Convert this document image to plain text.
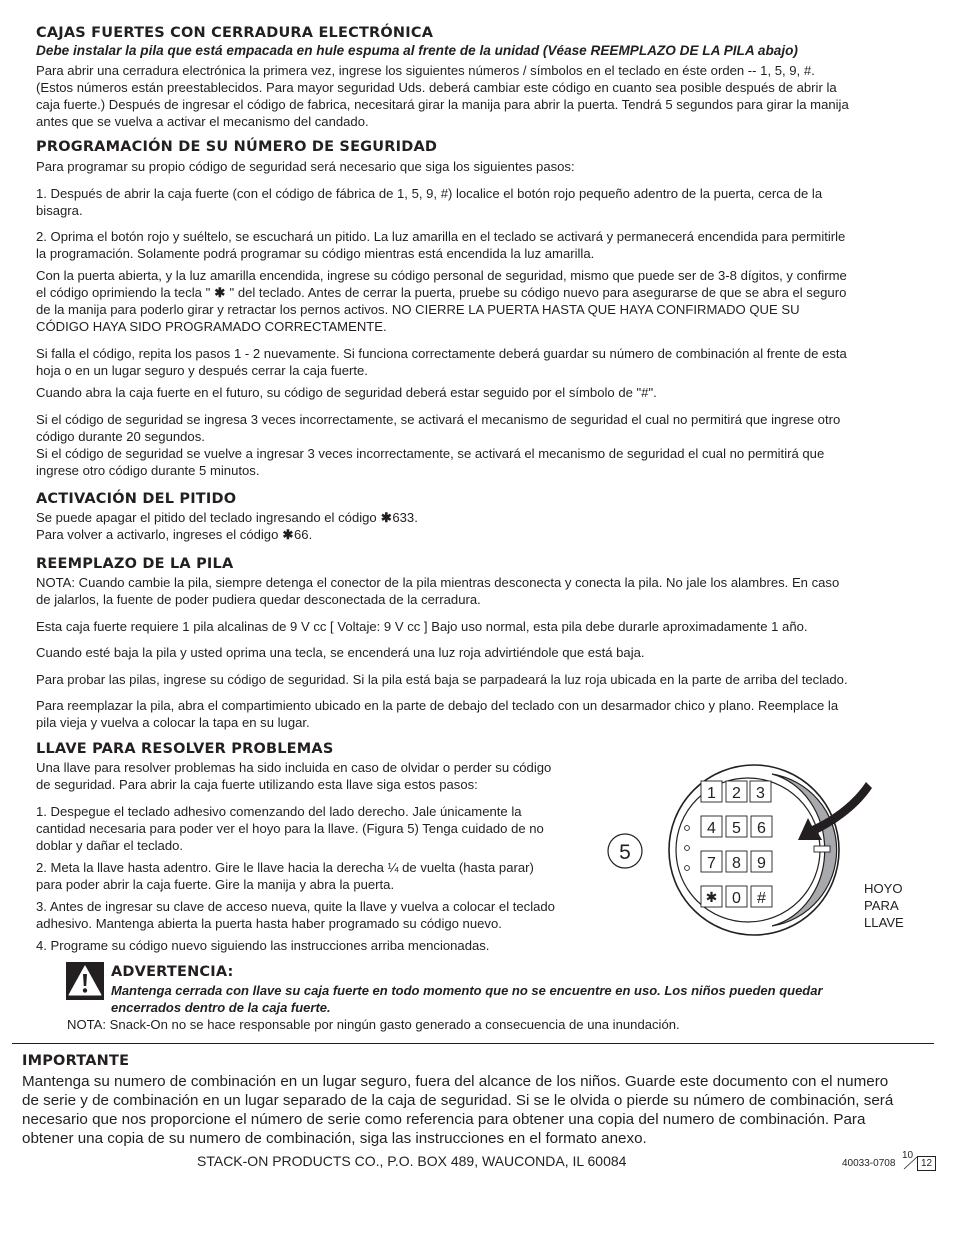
CAJAS FUERTES CON CERRADURA ELECTRÓNICA
Debe instalar la pila que está empacada en hule espuma al frente de la unidad (Véase REEMPLAZO DE LA PILA abajo)
Para abrir una cerradura electrónica la primera vez, ingrese los siguientes números / símbolos en el teclado en éste orden -- 1, 5, 9, #.
(Estos números están preestablecidos. Para mayor seguridad Uds. deberá cambiar este código en cuanto sea posible después de abrir la
caja fuerte.) Después de ingresar el código de fabrica, necesitará girar la manija para abrir la puerta. Tendrá 5 segundos para girar la manija
antes que se vuelva a activar el mecanismo del candado.
PROGRAMACIÓN DE SU NÚMERO DE SEGURIDAD
Para programar su propio código de seguridad será necesario que siga los siguientes pasos:
1. Después de abrir la caja fuerte (con el código de fábrica de 1, 5, 9, #) localice el botón rojo pequeño adentro de la puerta, cerca de la
bisagra.
2. Oprima el botón rojo y suéltelo, se escuchará un pitido. La luz amarilla en el teclado se activará y permanecerá encendida para permitirle
la programación. Solamente podrá programar su código mientras está encendida la luz amarilla.
Con la puerta abierta, y la luz amarilla encendida, ingrese su código personal de seguridad, mismo que puede ser de 3-8 dígitos, y confirme
el código oprimiendo la tecla " ✱ " del teclado. Antes de cerrar la puerta, pruebe su código nuevo para asegurarse de que se abra el seguro
de la manija para poderlo girar y retractar los pernos activos. NO CIERRE LA PUERTA HASTA QUE HAYA CONFIRMADO QUE SU
CÓDIGO HAYA SIDO PROGRAMADO CORRECTAMENTE.
Si falla el código, repita los pasos 1 - 2 nuevamente. Si funciona correctamente deberá guardar su número de combinación al frente de esta
hoja o en un lugar seguro y después cerrar la caja fuerte.
Cuando abra la caja fuerte en el futuro, su código de seguridad deberá estar seguido por el símbolo de "#".
Si el código de seguridad se ingresa 3 veces incorrectamente, se activará el mecanismo de seguridad el cual no permitirá que ingrese otro
código durante 20 segundos.
Si el código de seguridad se vuelve a ingresar 3 veces incorrectamente, se activará el mecanismo de seguridad el cual no permitirá que
ingrese otro código durante 5 minutos.
ACTIVACIÓN DEL PITIDO
Se puede apagar el pitido del teclado ingresando el código ✱633.
Para volver a activarlo, ingreses el código ✱66.
REEMPLAZO DE LA PILA
NOTA: Cuando cambie la pila, siempre detenga el conector de la pila mientras desconecta y conecta la pila. No jale los alambres. En caso
de jalarlos, la fuente de poder pudiera quedar desconectada de la cerradura.
Esta caja fuerte requiere 1 pila alcalinas de 9 V cc [ Voltaje: 9 V cc ] Bajo uso normal, esta pila debe durarle aproximadamente 1 año.
Cuando esté baja la pila y usted oprima una tecla, se encenderá una luz roja advirtiéndole que está baja.
Para probar las pilas, ingrese su código de seguridad. Si la pila está baja se parpadeará la luz roja ubicada en la parte de arriba del teclado.
Para reemplazar la pila, abra el compartimiento ubicado en la parte de debajo del teclado con un desarmador chico y plano. Reemplace la
pila vieja y vuelva a colocar la tapa en su lugar.
LLAVE PARA RESOLVER PROBLEMAS
Una llave para resolver problemas ha sido incluida en caso de olvidar o perder su código
de seguridad. Para abrir la caja fuerte utilizando esta llave siga estos pasos:
1. Despegue el teclado adhesivo comenzando del lado derecho. Jale únicamente la
cantidad necesaria para poder ver el hoyo para la llave. (Figura 5) Tenga cuidado de no
doblar y dañar el teclado.
2. Meta la llave hasta adentro. Gire le llave hacia la derecha ¼ de vuelta (hasta parar)
para poder abrir la caja fuerte. Gire la manija y abra la puerta.
3. Antes de ingresar su clave de acceso nueva, quite la llave y vuelva a colocar el teclado
adhesivo. Mantenga abierta la puerta hasta haber programado su código nuevo.
4. Programe su código nuevo siguiendo las instrucciones arriba mencionadas.
5
1 2 3
4 5 6
7 8 9
✱ 0 #
HOYO PARA LLAVE
ADVERTENCIA:
Mantenga cerrada con llave su caja fuerte en todo momento que no se encuentre en uso. Los niños pueden quedar
encerrados dentro de la caja fuerte.
NOTA: Snack-On no se hace responsable por ningún gasto generado a consecuencia de una inundación.
IMPORTANTE
Mantenga su numero de combinación en un lugar seguro, fuera del alcance de los niños. Guarde este documento con el numero
de serie y de combinación en un lugar separado de la caja de seguridad. Si se le olvida o pierde su número de combinación, será
necesario que nos proporcione el número de serie como referencia para obtener una copia del numero de combinación. Para
obtener una copia de su numero de combinación, siga las instrucciones en el formato anexo.
STACK-ON PRODUCTS CO., P.O. BOX 489, WAUCONDA, IL 60084	40033-0708
10
12
